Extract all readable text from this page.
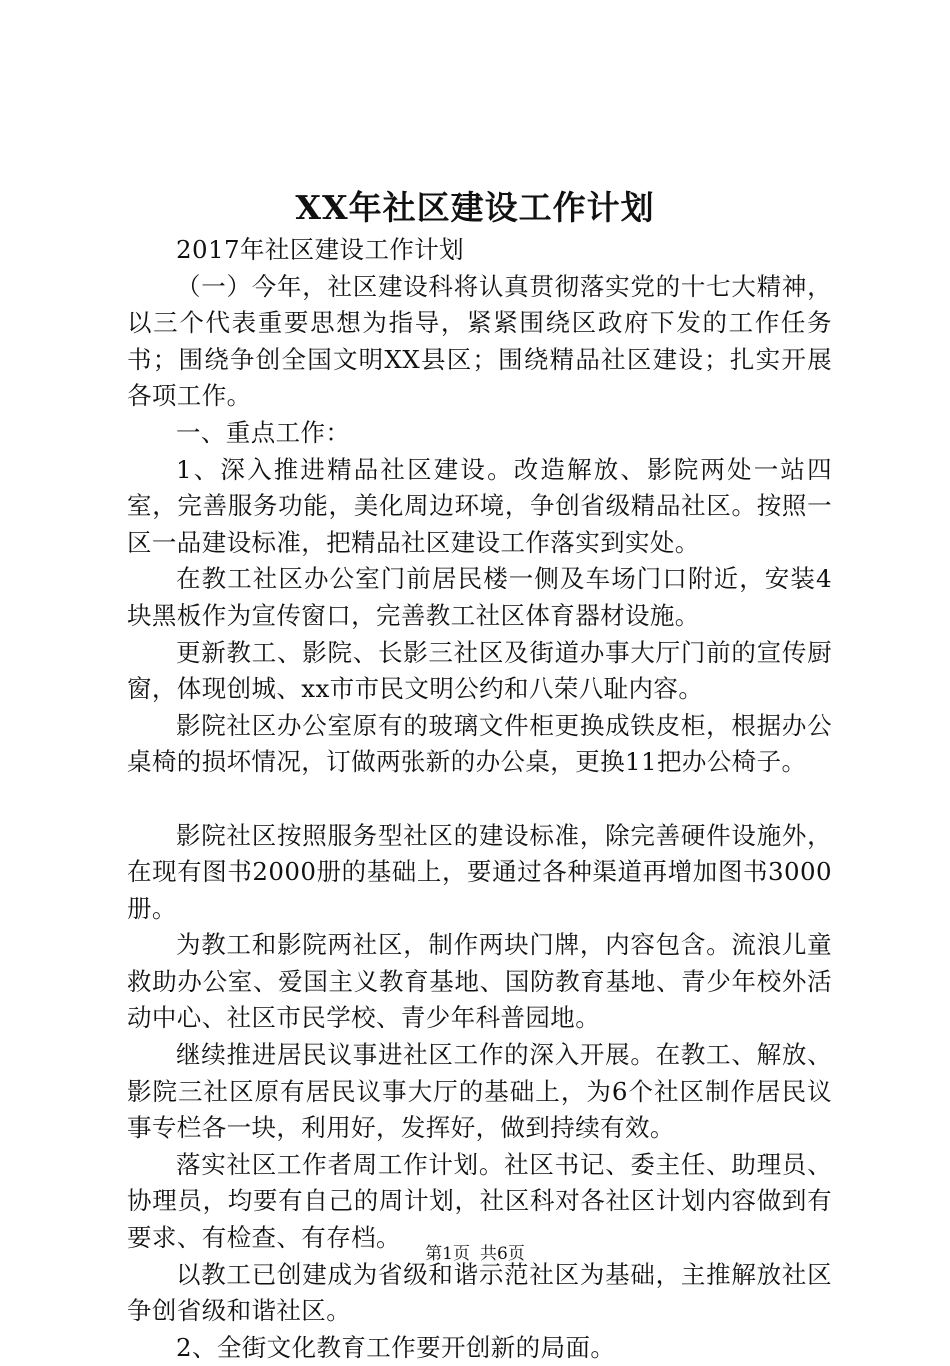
XX年社区建设工作计划

2017年社区建设工作计划

（一）今年，社区建设科将认真贯彻落实党的十七大精神，以三个代表重要思想为指导，紧紧围绕区政府下发的工作任务书；围绕争创全国文明XX县区；围绕精品社区建设；扎实开展各项工作。

一、重点工作：

1、深入推进精品社区建设。改造解放、影院两处一站四室，完善服务功能，美化周边环境，争创省级精品社区。按照一区一品建设标准，把精品社区建设工作落实到实处。

在教工社区办公室门前居民楼一侧及车场门口附近，安装4块黑板作为宣传窗口，完善教工社区体育器材设施。

更新教工、影院、长影三社区及街道办事大厅门前的宣传厨窗，体现创城、xx市市民文明公约和八荣八耻内容。

影院社区办公室原有的玻璃文件柜更换成铁皮柜，根据办公桌椅的损坏情况，订做两张新的办公桌，更换11把办公椅子。

影院社区按照服务型社区的建设标准，除完善硬件设施外，在现有图书2000册的基础上，要通过各种渠道再增加图书3000册。

为教工和影院两社区，制作两块门牌，内容包含。流浪儿童救助办公室、爱国主义教育基地、国防教育基地、青少年校外活动中心、社区市民学校、青少年科普园地。

继续推进居民议事进社区工作的深入开展。在教工、解放、影院三社区原有居民议事大厅的基础上，为6个社区制作居民议事专栏各一块，利用好，发挥好，做到持续有效。

落实社区工作者周工作计划。社区书记、委主任、助理员、协理员，均要有自己的周计划，社区科对各社区计划内容做到有要求、有检查、有存档。

以教工已创建成为省级和谐示范社区为基础，主推解放社区争创省级和谐社区。

2、全街文化教育工作要开创新的局面。

第1页 共6页
